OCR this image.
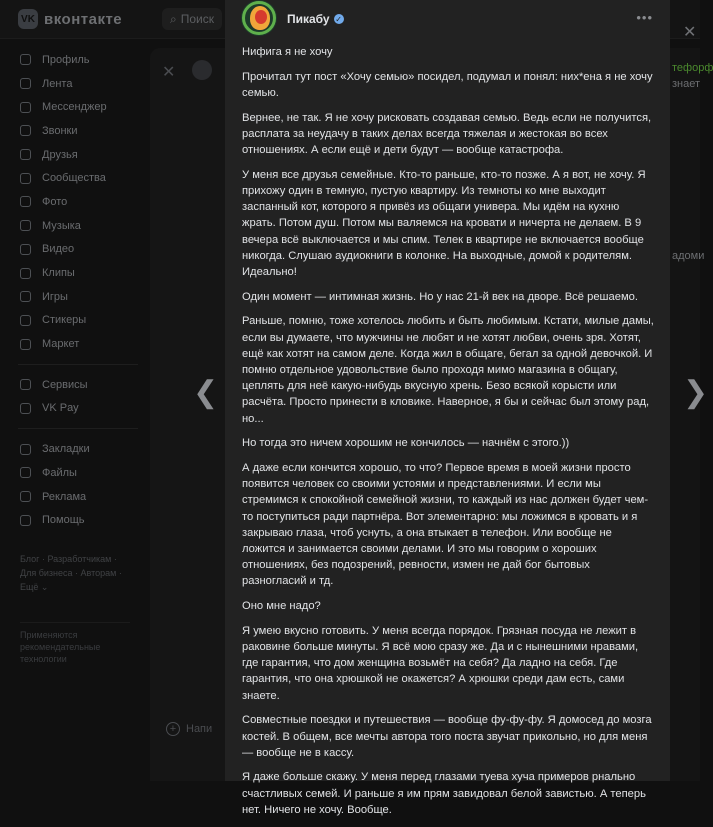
VK вконтакте	⌕ Поиск
✕
Профиль
Лента
Мессенджер
Звонки
Друзья
Сообщества
Фото
Музыка
Видео
Клипы
Игры
Стикеры
Маркет
Сервисы
VK Pay
Закладки
Файлы
Реклама
Помощь
Блог · Разработчикам · Для бизнеса · Авторам · Ещё ⌄
Применяются рекомендательные технологии
✕
+ Напи
тефорф
знает
адоми
❮	❯
Пикабу ✓	•••

Нифига я не хочу

Прочитал тут пост «Хочу семью» посидел, подумал и понял: них*ена я не хочу семью.

Вернее, не так. Я не хочу рисковать создавая семью. Ведь если не получится, расплата за неудачу в таких делах всегда тяжелая и жестокая во всех отношениях. А если ещё и дети будут — вообще катастрофа.

У меня все друзья семейные. Кто-то раньше, кто-то позже. А я вот, не хочу. Я прихожу один в темную, пустую квартиру. Из темноты ко мне выходит заспанный кот, которого я привёз из общаги универа. Мы идём на кухню жрать. Потом душ. Потом мы валяемся на кровати и ничерта не делаем. В 9 вечера всё выключается и мы спим. Телек в квартире не включается вообще никогда. Слушаю аудиокниги в колонке. На выходные, домой к родителям. Идеально!

Один момент — интимная жизнь. Но у нас 21-й век на дворе. Всё решаемо.

Раньше, помню, тоже хотелось любить и быть любимым. Кстати, милые дамы, если вы думаете, что мужчины не любят и не хотят любви, очень зря. Хотят, ещё как хотят на самом деле. Когда жил в общаге, бегал за одной девочкой. И помню отдельное удовольствие было проходя мимо магазина в общагу, цеплять для неё какую-нибудь вкусную хрень. Безо всякой корысти или расчёта. Просто принести в кловике. Наверное, я бы и сейчас был этому рад, но...

Но тогда это ничем хорошим не кончилось — начнём с этого.))

А даже если кончится хорошо, то что? Первое время в моей жизни просто появится человек со своими устоями и представлениями. И если мы стремимся к спокойной семейной жизни, то каждый из нас должен будет чем-то поступиться ради партнёра. Вот элементарно: мы ложимся в кровать и я закрываю глаза, чтоб уснуть, а она втыкает в телефон. Или вообще не ложится и занимается своими делами. И это мы говорим о хороших отношениях, без подозрений, ревности, измен не дай бог бытовых разногласий и тд.

Оно мне надо?

Я умею вкусно готовить. У меня всегда порядок. Грязная посуда не лежит в раковине больше минуты. Я всё мою сразу же. Да и с нынешними нравами, где гарантия, что дом женщина возьмёт на себя? Да ладно на себя. Где гарантия, что она хрюшкой не окажется? А хрюшки среди дам есть, сами знаете.

Совместные поездки и путешествия — вообще фу-фу-фу. Я домосед до мозга костей. В общем, все мечты автора того поста звучат прикольно, но для меня — вообще не в кассу.

Я даже больше скажу. У меня перед глазами туева хуча примеров рнально счастливых семей. И раньше я им прям завидовал белой завистью. А теперь нет. Ничего не хочу. Вообще.
